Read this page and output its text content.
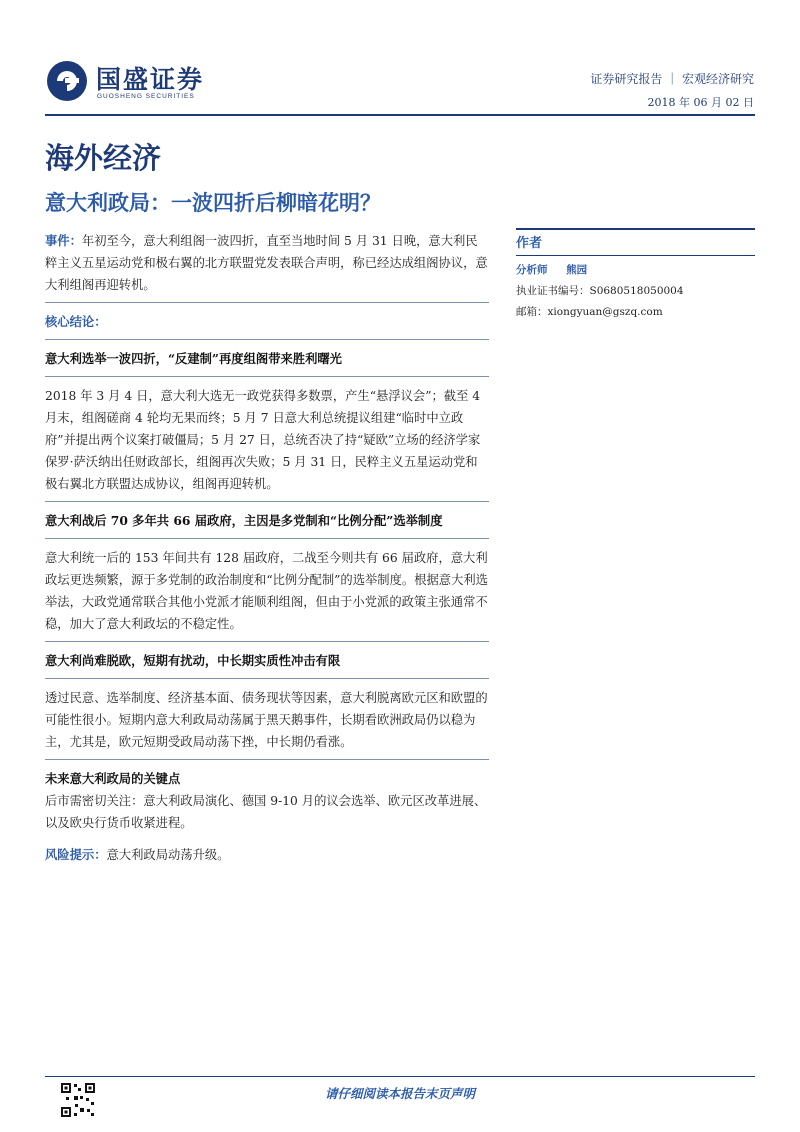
国盛证券
GUOSHENG SECURITIES
证券研究报告 ｜ 宏观经济研究
2018 年 06 月 02 日
海外经济
意大利政局：一波四折后柳暗花明？

事件：年初至今，意大利组阁一波四折，直至当地时间 5 月 31 日晚，意大利民粹主义五星运动党和极右翼的北方联盟党发表联合声明，称已经达成组阁协议，意大利组阁再迎转机。

核心结论：

意大利选举一波四折，“反建制”再度组阁带来胜利曙光

2018 年 3 月 4 日，意大利大选无一政党获得多数票，产生“悬浮议会”；截至 4 月末，组阁磋商 4 轮均无果而终；5 月 7 日意大利总统提议组建“临时中立政府”并提出两个议案打破僵局；5 月 27 日，总统否决了持“疑欧”立场的经济学家保罗·萨沃纳出任财政部长，组阁再次失败；5 月 31 日，民粹主义五星运动党和极右翼北方联盟达成协议，组阁再迎转机。

意大利战后 70 多年共 66 届政府，主因是多党制和“比例分配”选举制度

意大利统一后的 153 年间共有 128 届政府，二战至今则共有 66 届政府，意大利政坛更迭频繁，源于多党制的政治制度和“比例分配制”的选举制度。根据意大利选举法，大政党通常联合其他小党派才能顺利组阁，但由于小党派的政策主张通常不稳，加大了意大利政坛的不稳定性。

意大利尚难脱欧，短期有扰动，中长期实质性冲击有限

透过民意、选举制度、经济基本面、债务现状等因素，意大利脱离欧元区和欧盟的可能性很小。短期内意大利政局动荡属于黑天鹅事件，长期看欧洲政局仍以稳为主，尤其是，欧元短期受政局动荡下挫，中长期仍看涨。

未来意大利政局的关键点

后市需密切关注：意大利政局演化、德国 9-10 月的议会选举、欧元区改革进展、以及欧央行货币收紧进程。

风险提示：意大利政局动荡升级。

作者
分析师 熊园
执业证书编号：S0680518050004
邮箱：xiongyuan@gszq.com
请仔细阅读本报告末页声明
